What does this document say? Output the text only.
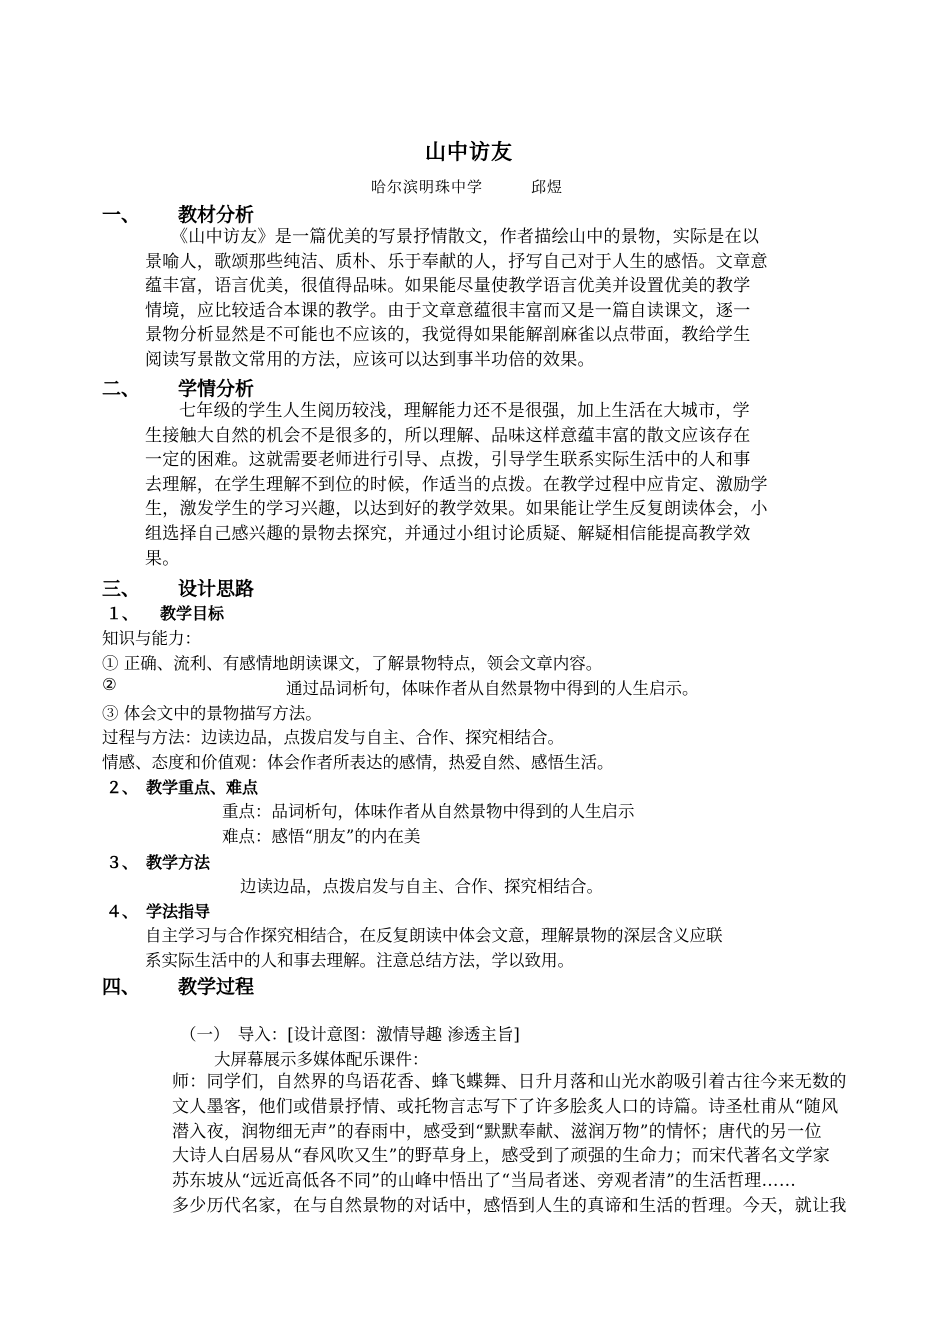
山中访友
哈尔滨明珠中学　　　邱煜
一、 教材分析
《山中访友》是一篇优美的写景抒情散文，作者描绘山中的景物，实际是在以
景喻人，歌颂那些纯洁、质朴、乐于奉献的人，抒写自己对于人生的感悟。文章意
蕴丰富，语言优美，很值得品味。如果能尽量使教学语言优美并设置优美的教学
情境，应比较适合本课的教学。由于文章意蕴很丰富而又是一篇自读课文，逐一
景物分析显然是不可能也不应该的，我觉得如果能解剖麻雀以点带面，教给学生
阅读写景散文常用的方法，应该可以达到事半功倍的效果。
二、 学情分析
七年级的学生人生阅历较浅，理解能力还不是很强，加上生活在大城市，学
生接触大自然的机会不是很多的，所以理解、品味这样意蕴丰富的散文应该存在
一定的困难。这就需要老师进行引导、点拨，引导学生联系实际生活中的人和事
去理解，在学生理解不到位的时候，作适当的点拨。在教学过程中应肯定、激励学
生，激发学生的学习兴趣，以达到好的教学效果。如果能让学生反复朗读体会，小
组选择自己感兴趣的景物去探究，并通过小组讨论质疑、解疑相信能提高教学效
果。
三、 设计思路
１、 教学目标
知识与能力：
① 正确、流利、有感情地朗读课文，了解景物特点，领会文章内容。
②	通过品词析句，体味作者从自然景物中得到的人生启示。
③ 体会文中的景物描写方法。
过程与方法：边读边品，点拨启发与自主、合作、探究相结合。
情感、态度和价值观：体会作者所表达的感情，热爱自然、感悟生活。
２、 教学重点、难点
重点：品词析句，体味作者从自然景物中得到的人生启示
难点：感悟“朋友”的内在美
３、 教学方法
边读边品，点拨启发与自主、合作、探究相结合。
４、 学法指导
自主学习与合作探究相结合，在反复朗读中体会文意，理解景物的深层含义应联
系实际生活中的人和事去理解。注意总结方法，学以致用。
四、 教学过程
（一）　导入：[设计意图：激情导趣 渗透主旨]
大屏幕展示多媒体配乐课件：
师：同学们，自然界的鸟语花香、蜂飞蝶舞、日升月落和山光水韵吸引着古往今来无数的
文人墨客，他们或借景抒情、或托物言志写下了许多脍炙人口的诗篇。诗圣杜甫从“随风
潜入夜，润物细无声”的春雨中，感受到“默默奉献、滋润万物”的情怀；唐代的另一位
大诗人白居易从“春风吹又生”的野草身上，感受到了顽强的生命力；而宋代著名文学家
苏东坡从“远近高低各不同”的山峰中悟出了“当局者迷、旁观者清”的生活哲理……
多少历代名家，在与自然景物的对话中，感悟到人生的真谛和生活的哲理。今天，就让我
